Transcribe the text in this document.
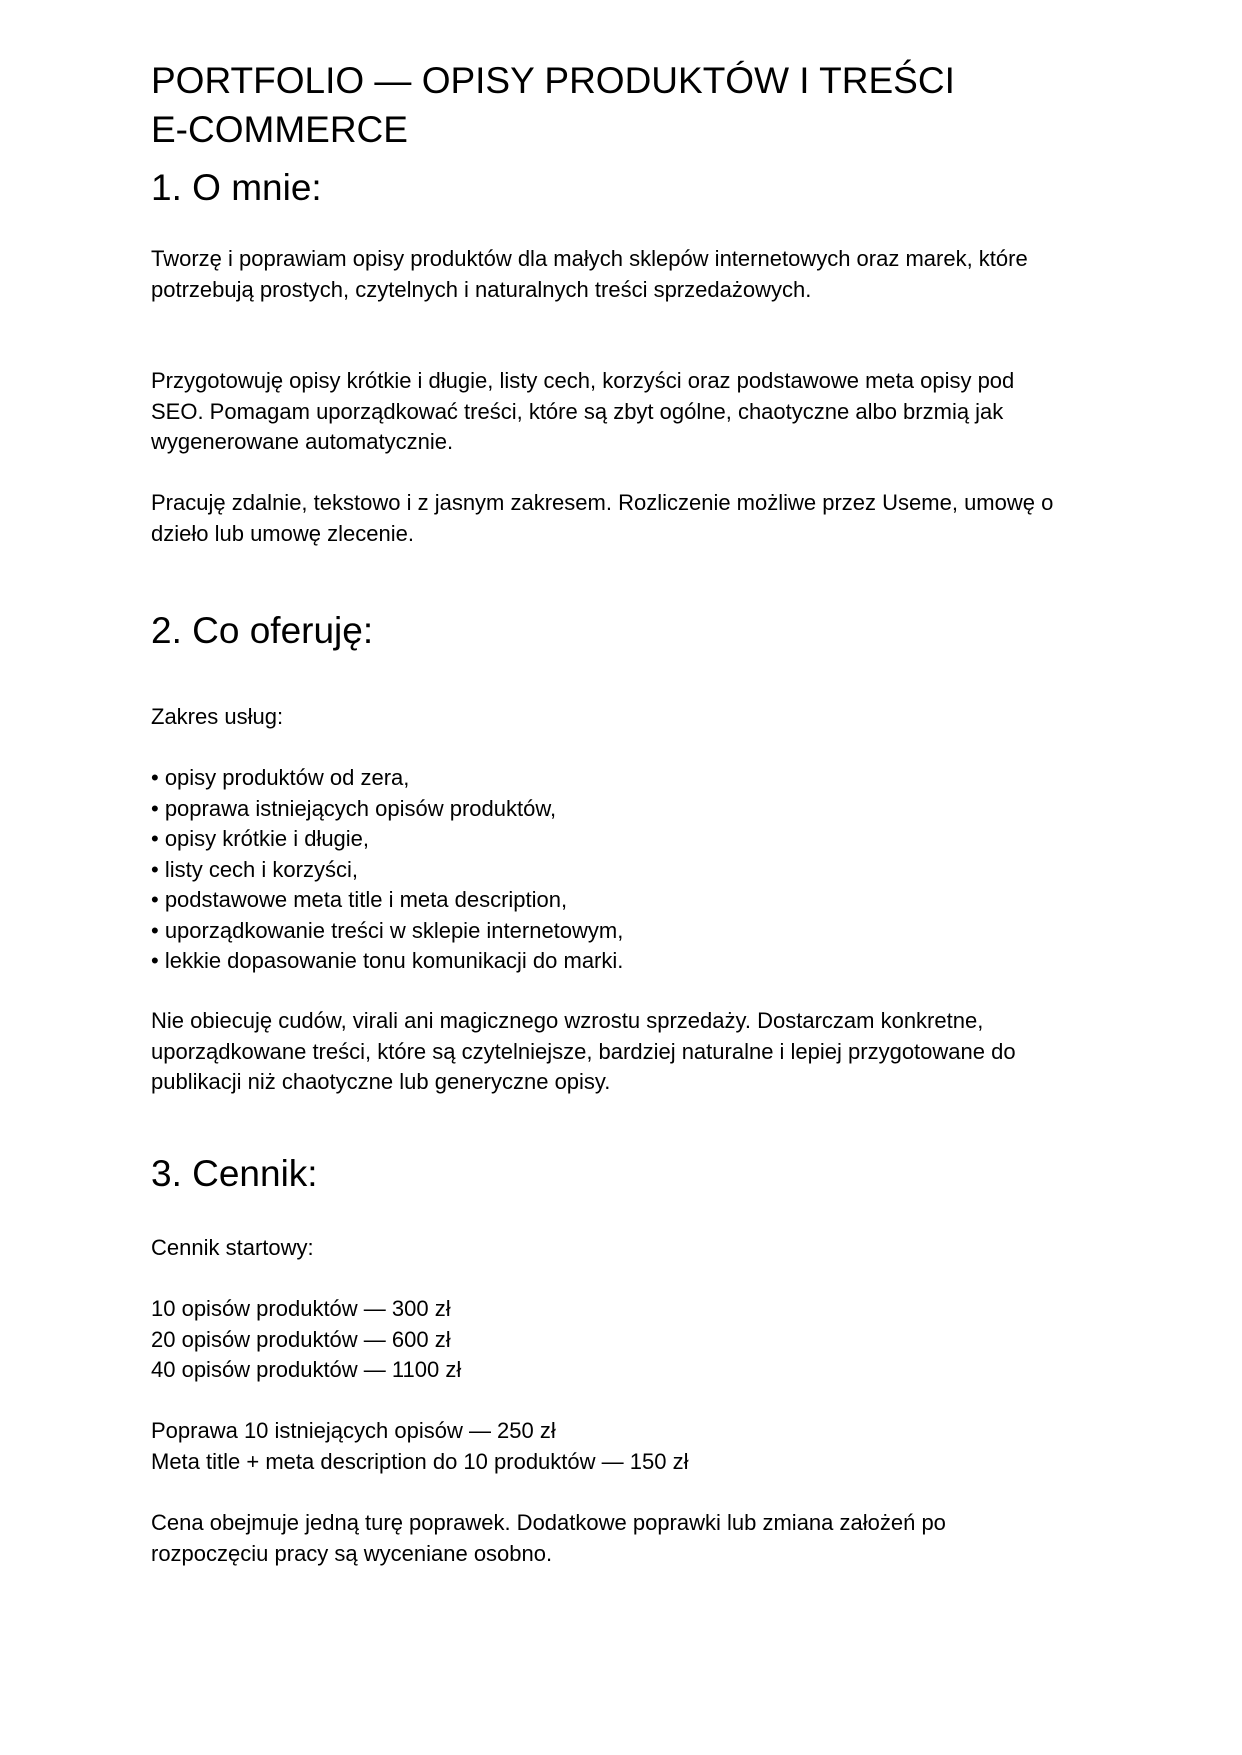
PORTFOLIO — OPISY PRODUKTÓW I TREŚCI
E-COMMERCE
1. O mnie:

Tworzę i poprawiam opisy produktów dla małych sklepów internetowych oraz marek, które
potrzebują prostych, czytelnych i naturalnych treści sprzedażowych.

Przygotowuję opisy krótkie i długie, listy cech, korzyści oraz podstawowe meta opisy pod
SEO. Pomagam uporządkować treści, które są zbyt ogólne, chaotyczne albo brzmią jak
wygenerowane automatycznie.

Pracuję zdalnie, tekstowo i z jasnym zakresem. Rozliczenie możliwe przez Useme, umowę o
dzieło lub umowę zlecenie.

2. Co oferuję:

Zakres usług:

• opisy produktów od zera,
• poprawa istniejących opisów produktów,
• opisy krótkie i długie,
• listy cech i korzyści,
• podstawowe meta title i meta description,
• uporządkowanie treści w sklepie internetowym,
• lekkie dopasowanie tonu komunikacji do marki.

Nie obiecuję cudów, virali ani magicznego wzrostu sprzedaży. Dostarczam konkretne,
uporządkowane treści, które są czytelniejsze, bardziej naturalne i lepiej przygotowane do
publikacji niż chaotyczne lub generyczne opisy.

3. Cennik:

Cennik startowy:

10 opisów produktów — 300 zł
20 opisów produktów — 600 zł
40 opisów produktów — 1100 zł

Poprawa 10 istniejących opisów — 250 zł
Meta title + meta description do 10 produktów — 150 zł

Cena obejmuje jedną turę poprawek. Dodatkowe poprawki lub zmiana założeń po
rozpoczęciu pracy są wyceniane osobno.
